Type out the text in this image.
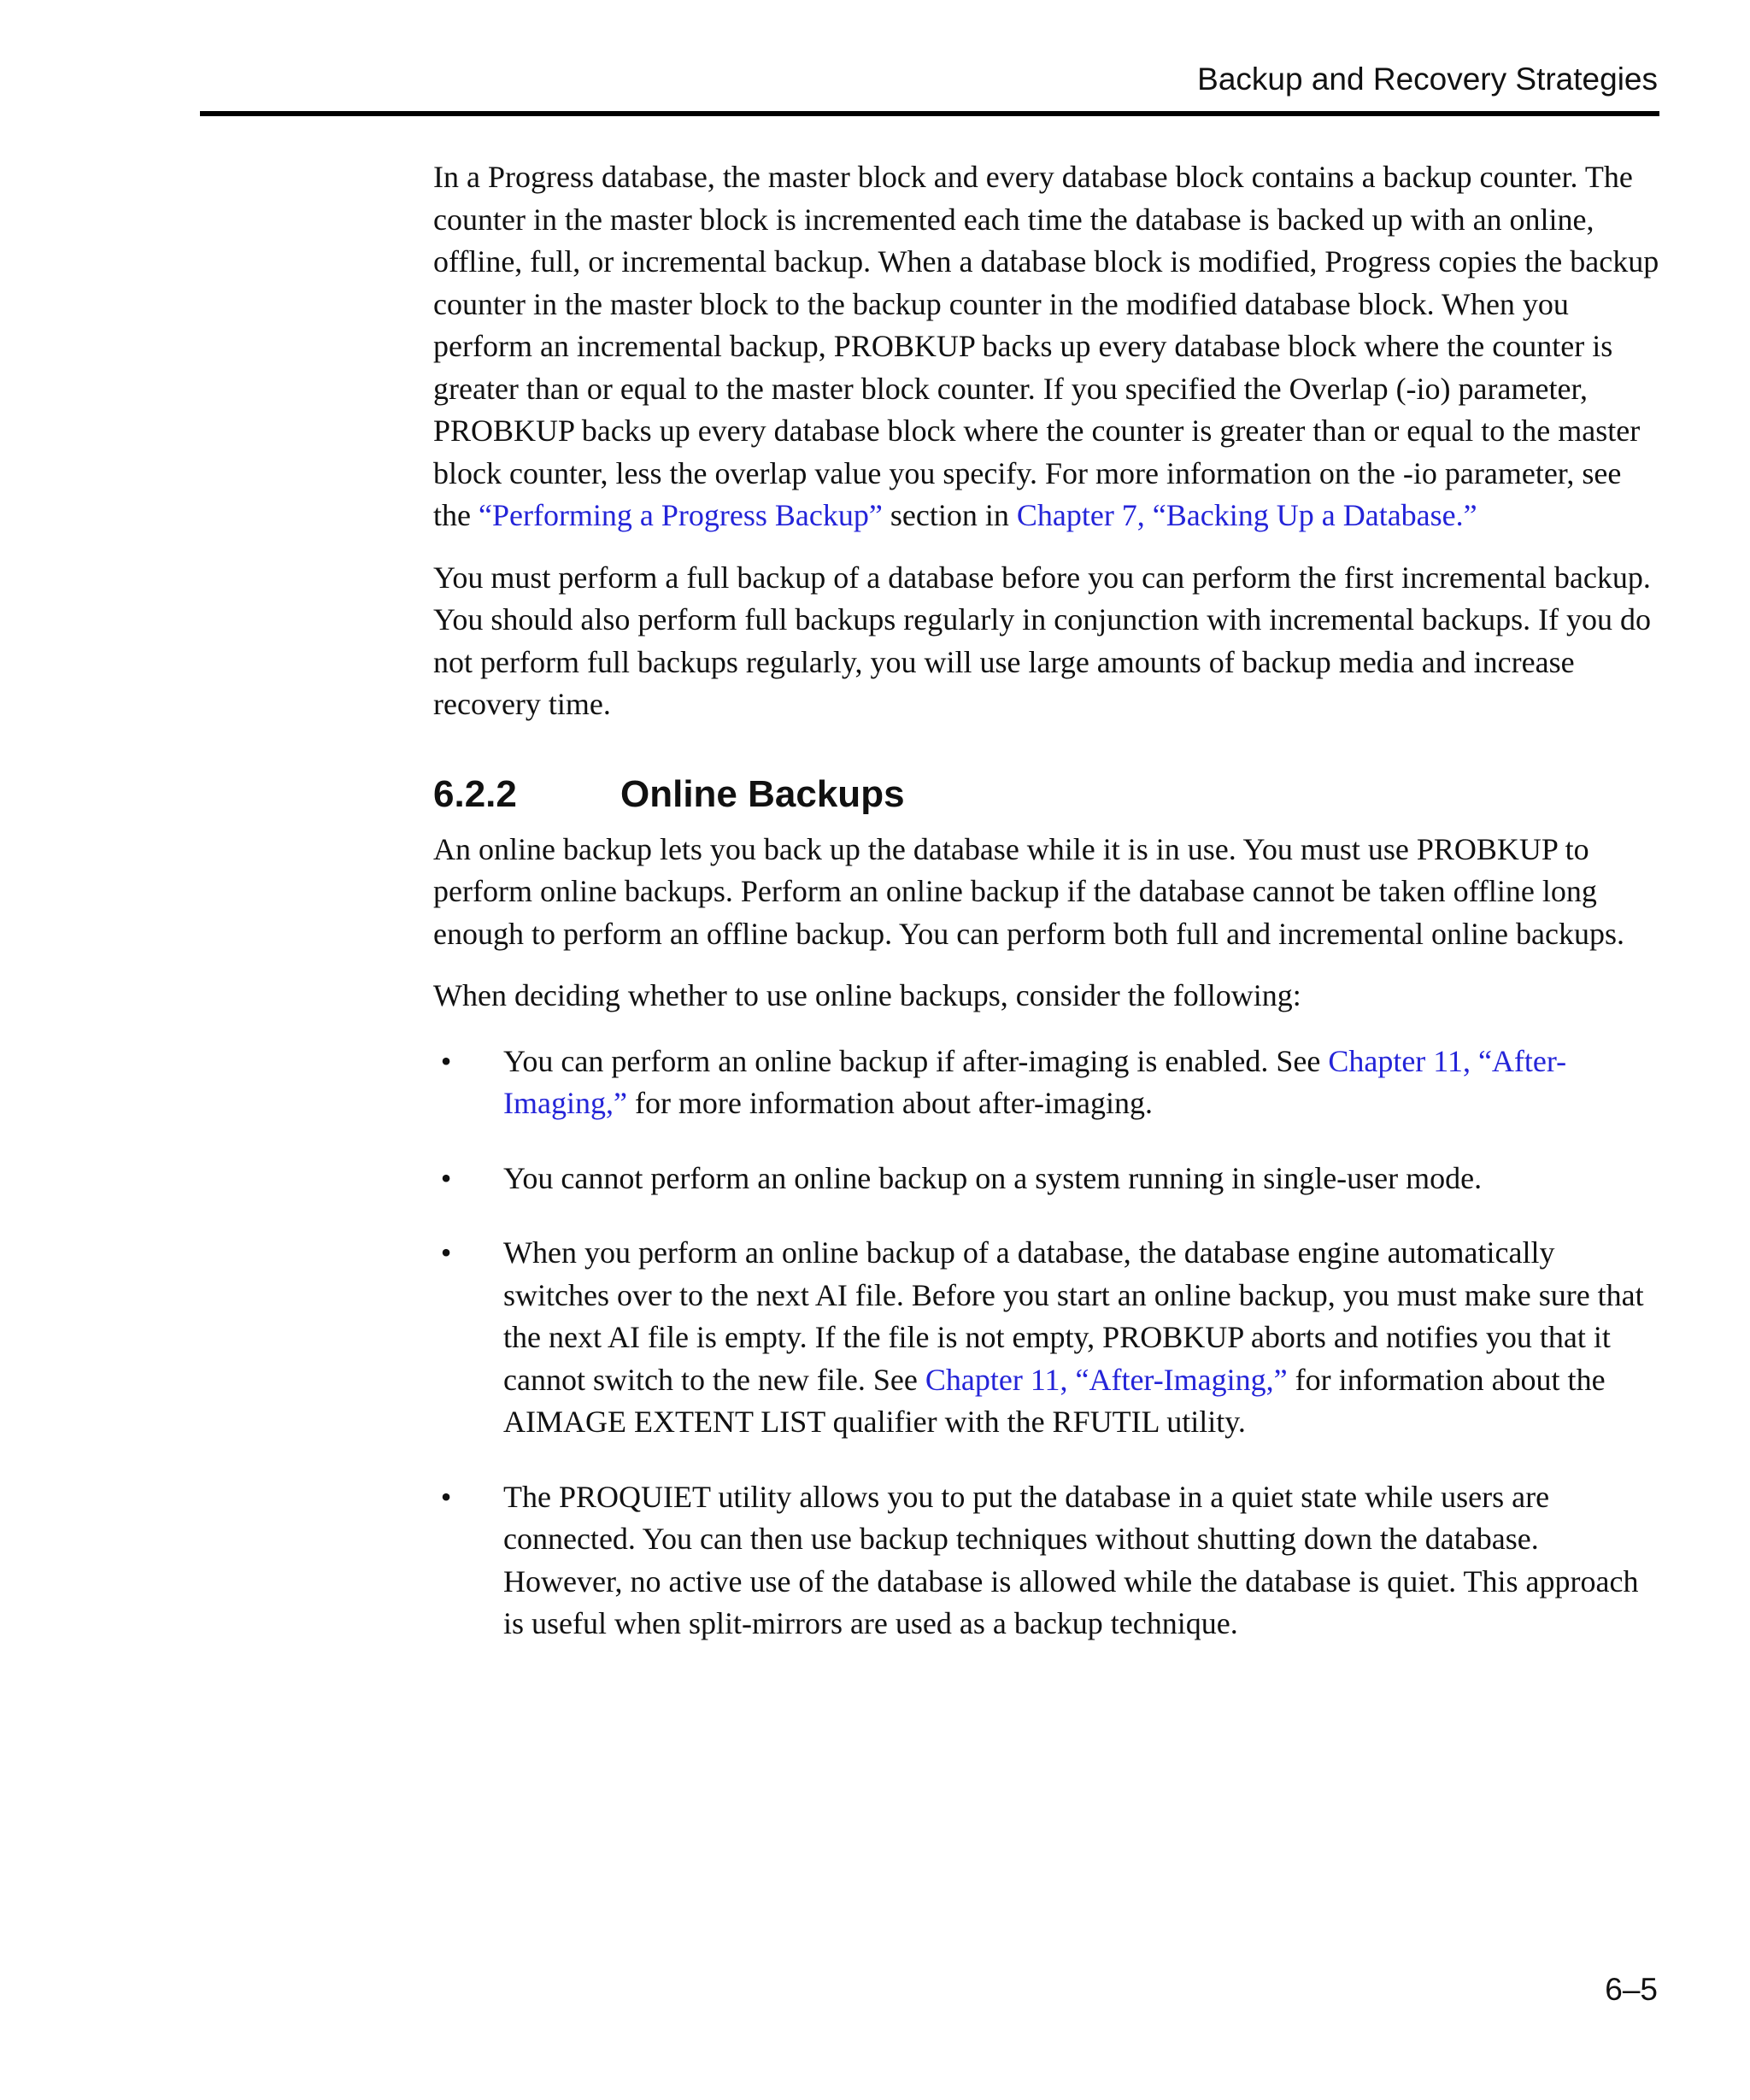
Backup and Recovery Strategies

In a Progress database, the master block and every database block contains a backup counter. The counter in the master block is incremented each time the database is backed up with an online, offline, full, or incremental backup. When a database block is modified, Progress copies the backup counter in the master block to the backup counter in the modified database block. When you perform an incremental backup, PROBKUP backs up every database block where the counter is greater than or equal to the master block counter. If you specified the Overlap (-io) parameter, PROBKUP backs up every database block where the counter is greater than or equal to the master block counter, less the overlap value you specify. For more information on the -io parameter, see the “Performing a Progress Backup” section in Chapter 7, “Backing Up a Database.”

You must perform a full backup of a database before you can perform the first incremental backup. You should also perform full backups regularly in conjunction with incremental backups. If you do not perform full backups regularly, you will use large amounts of backup media and increase recovery time.

6.2.2	Online Backups

An online backup lets you back up the database while it is in use. You must use PROBKUP to perform online backups. Perform an online backup if the database cannot be taken offline long enough to perform an offline backup. You can perform both full and incremental online backups.

When deciding whether to use online backups, consider the following:

• You can perform an online backup if after-imaging is enabled. See Chapter 11, “After-Imaging,” for more information about after-imaging.
• You cannot perform an online backup on a system running in single-user mode.
• When you perform an online backup of a database, the database engine automatically switches over to the next AI file. Before you start an online backup, you must make sure that the next AI file is empty. If the file is not empty, PROBKUP aborts and notifies you that it cannot switch to the new file. See Chapter 11, “After-Imaging,” for information about the AIMAGE EXTENT LIST qualifier with the RFUTIL utility.
• The PROQUIET utility allows you to put the database in a quiet state while users are connected. You can then use backup techniques without shutting down the database. However, no active use of the database is allowed while the database is quiet. This approach is useful when split-mirrors are used as a backup technique.
6–5
